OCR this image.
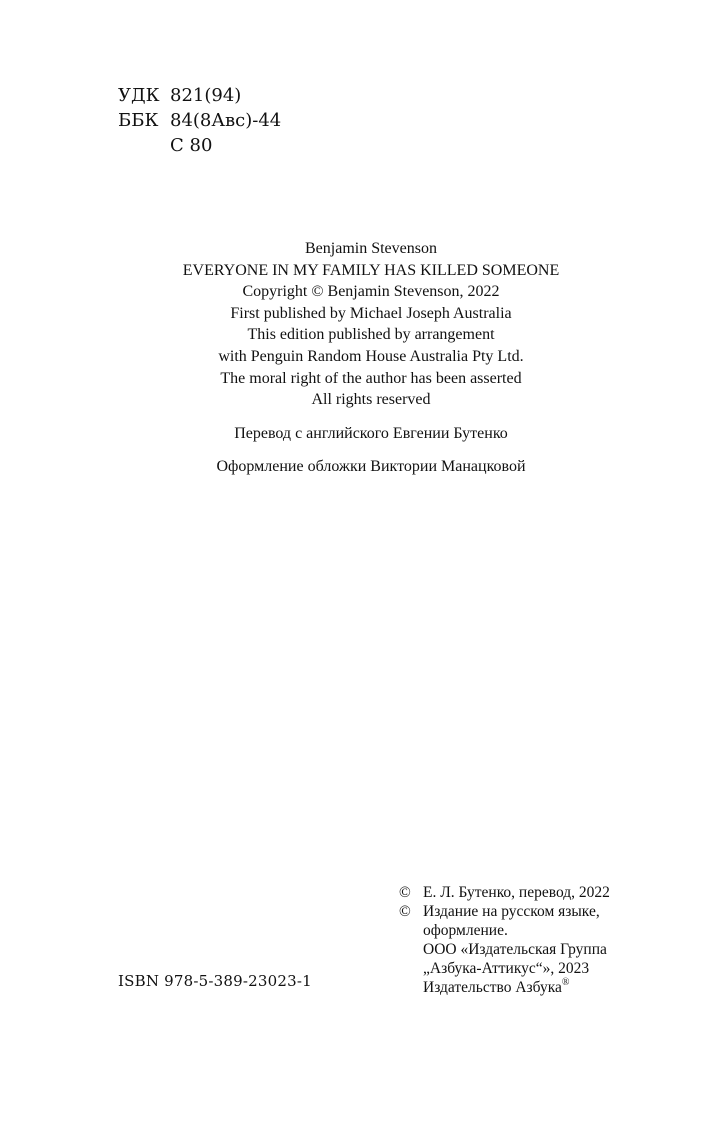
УДК 821(94)
ББК 84(8Авс)-44
С 80
Benjamin Stevenson
EVERYONE IN MY FAMILY HAS KILLED SOMEONE
Copyright © Benjamin Stevenson, 2022
First published by Michael Joseph Australia
This edition published by arrangement
with Penguin Random House Australia Pty Ltd.
The moral right of the author has been asserted
All rights reserved
Перевод с английского Евгении Бутенко
Оформление обложки Виктории Манацковой
© Е. Л. Бутенко, перевод, 2022
© Издание на русском языке,
оформление.
ООО «Издательская Группа
„Азбука-Аттикус“», 2023
Издательство Азбука®
ISBN 978-5-389-23023-1
